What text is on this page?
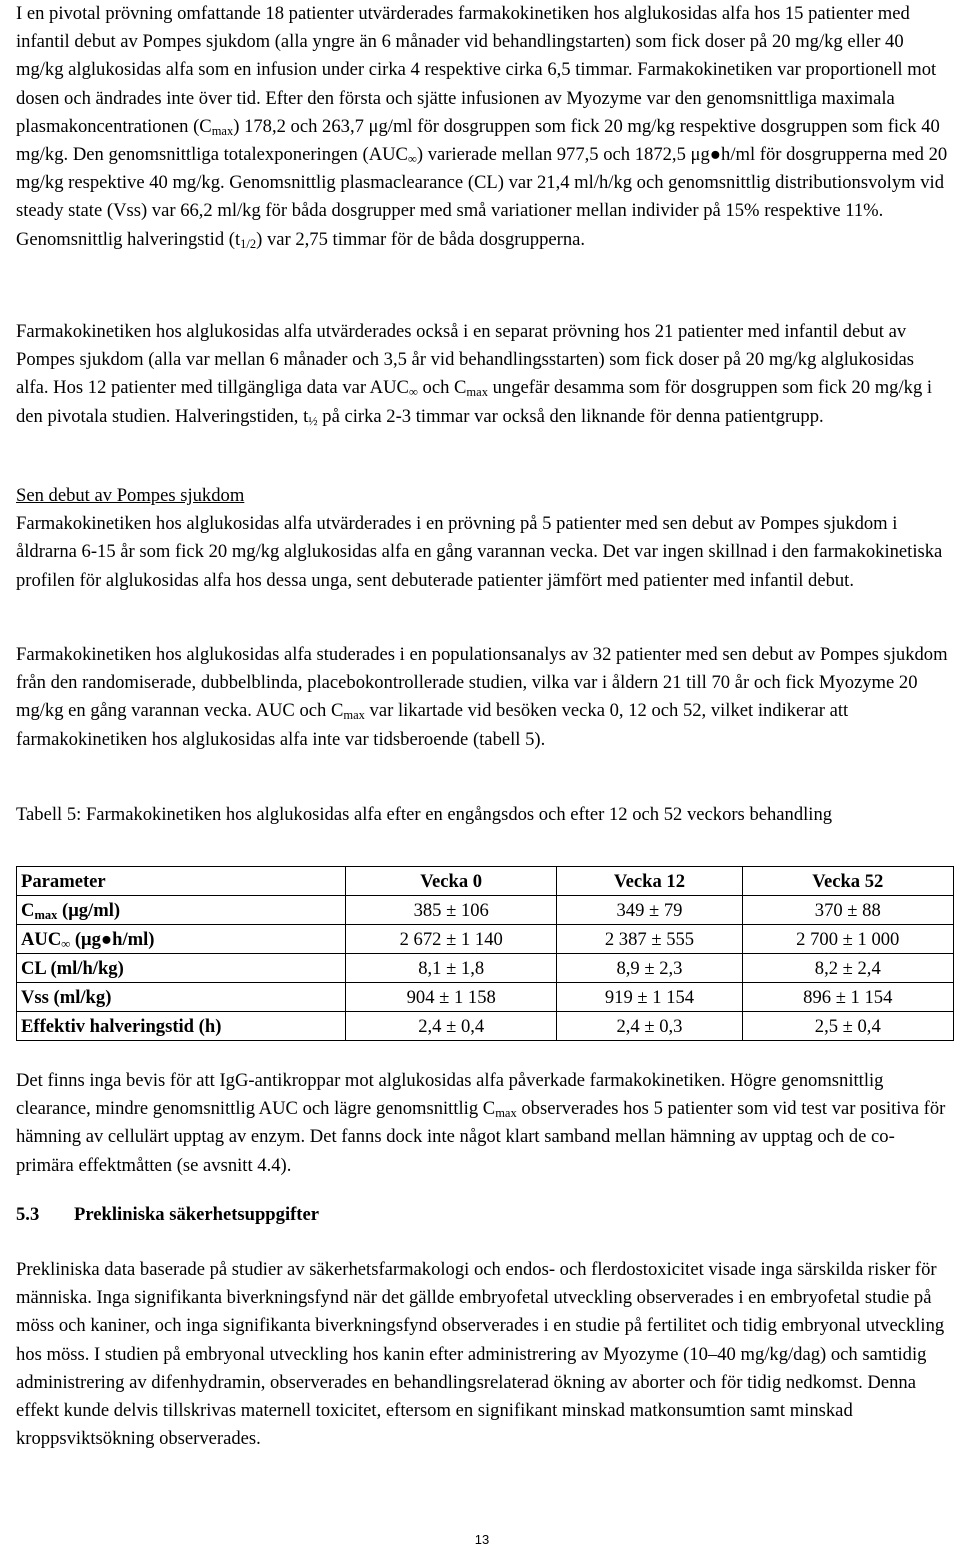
I en pivotal prövning omfattande 18 patienter utvärderades farmakokinetiken hos alglukosidas alfa hos 15 patienter med infantil debut av Pompes sjukdom (alla yngre än 6 månader vid behandlingstarten) som fick doser på 20 mg/kg eller 40 mg/kg alglukosidas alfa som en infusion under cirka 4 respektive cirka 6,5 timmar. Farmakokinetiken var proportionell mot dosen och ändrades inte över tid. Efter den första och sjätte infusionen av Myozyme var den genomsnittliga maximala plasmakoncentrationen $(C_{max})$ 178,2 och 263,7 μg/ml för dosgruppen som fick 20 mg/kg respektive dosgruppen som fick 40 mg/kg. Den genomsnittliga totalexponeringen $(AUC_\infty)$ varierade mellan 977,5 och 1872,5 μg●h/ml för dosgrupperna med 20 mg/kg respektive 40 mg/kg. Genomsnittlig plasmaclearance (CL) var 21,4 ml/h/kg och genomsnittlig distributionsvolym vid steady state (Vss) var 66,2 ml/kg för båda dosgrupper med små variationer mellan individer på 15% respektive 11%. Genomsnittlig halveringstid $(t_{1/2})$ var 2,75 timmar för de båda dosgrupperna.

Farmakokinetiken hos alglukosidas alfa utvärderades också i en separat prövning hos 21 patienter med infantil debut av Pompes sjukdom (alla var mellan 6 månader och 3,5 år vid behandlingsstarten) som fick doser på 20 mg/kg alglukosidas alfa. Hos 12 patienter med tillgängliga data var $AUC_\infty$ och $C_{max}$ ungefär desamma som för dosgruppen som fick 20 mg/kg i den pivotala studien. Halveringstiden, $t_{\frac{1}{2}}$ på cirka 2-3 timmar var också den liknande för denna patientgrupp.

Sen debut av Pompes sjukdom

Farmakokinetiken hos alglukosidas alfa utvärderades i en prövning på 5 patienter med sen debut av Pompes sjukdom i åldrarna 6-15 år som fick 20 mg/kg alglukosidas alfa en gång varannan vecka. Det var ingen skillnad i den farmakokinetiska profilen för alglukosidas alfa hos dessa unga, sent debuterade patienter jämfört med patienter med infantil debut.

Farmakokinetiken hos alglukosidas alfa studerades i en populationsanalys av 32 patienter med sen debut av Pompes sjukdom från den randomiserade, dubbelblinda, placebokontrollerade studien, vilka var i åldern 21 till 70 år och fick Myozyme 20 mg/kg en gång varannan vecka. AUC och $C_{max}$ var likartade vid besöken vecka 0, 12 och 52, vilket indikerar att farmakokinetiken hos alglukosidas alfa inte var tidsberoende (tabell 5).

Tabell 5: Farmakokinetiken hos alglukosidas alfa efter en engångsdos och efter 12 och 52 veckors behandling

Parameter	Vecka 0	Vecka 12	Vecka 52
$C_{max}$ (μg/ml)	385 ± 106	349 ± 79	370 ± 88
$AUC_\infty$ (μg●h/ml)	2 672 ± 1 140	2 387 ± 555	2 700 ± 1 000
CL (ml/h/kg)	8,1 ± 1,8	8,9 ± 2,3	8,2 ± 2,4
Vss (ml/kg)	904 ± 1 158	919 ± 1 154	896 ± 1 154
Effektiv halveringstid (h)	2,4 ± 0,4	2,4 ± 0,3	2,5 ± 0,4

Det finns inga bevis för att IgG-antikroppar mot alglukosidas alfa påverkade farmakokinetiken. Högre genomsnittlig clearance, mindre genomsnittlig AUC och lägre genomsnittlig $C_{max}$ observerades hos 5 patienter som vid test var positiva för hämning av cellulärt upptag av enzym. Det fanns dock inte något klart samband mellan hämning av upptag och de co-primära effektmåtten (se avsnitt 4.4).

5.3 Prekliniska säkerhetsuppgifter

Prekliniska data baserade på studier av säkerhetsfarmakologi och endos- och flerdostoxicitet visade inga särskilda risker för människa. Inga signifikanta biverkningsfynd när det gällde embryofetal utveckling observerades i en embryofetal studie på möss och kaniner, och inga signifikanta biverkningsfynd observerades i en studie på fertilitet och tidig embryonal utveckling hos möss. I studien på embryonal utveckling hos kanin efter administrering av Myozyme (10–40 mg/kg/dag) och samtidig administrering av difenhydramin, observerades en behandlingsrelaterad ökning av aborter och för tidig nedkomst. Denna effekt kunde delvis tillskrivas maternell toxicitet, eftersom en signifikant minskad matkonsumtion samt minskad kroppsviktsökning observerades.

13
